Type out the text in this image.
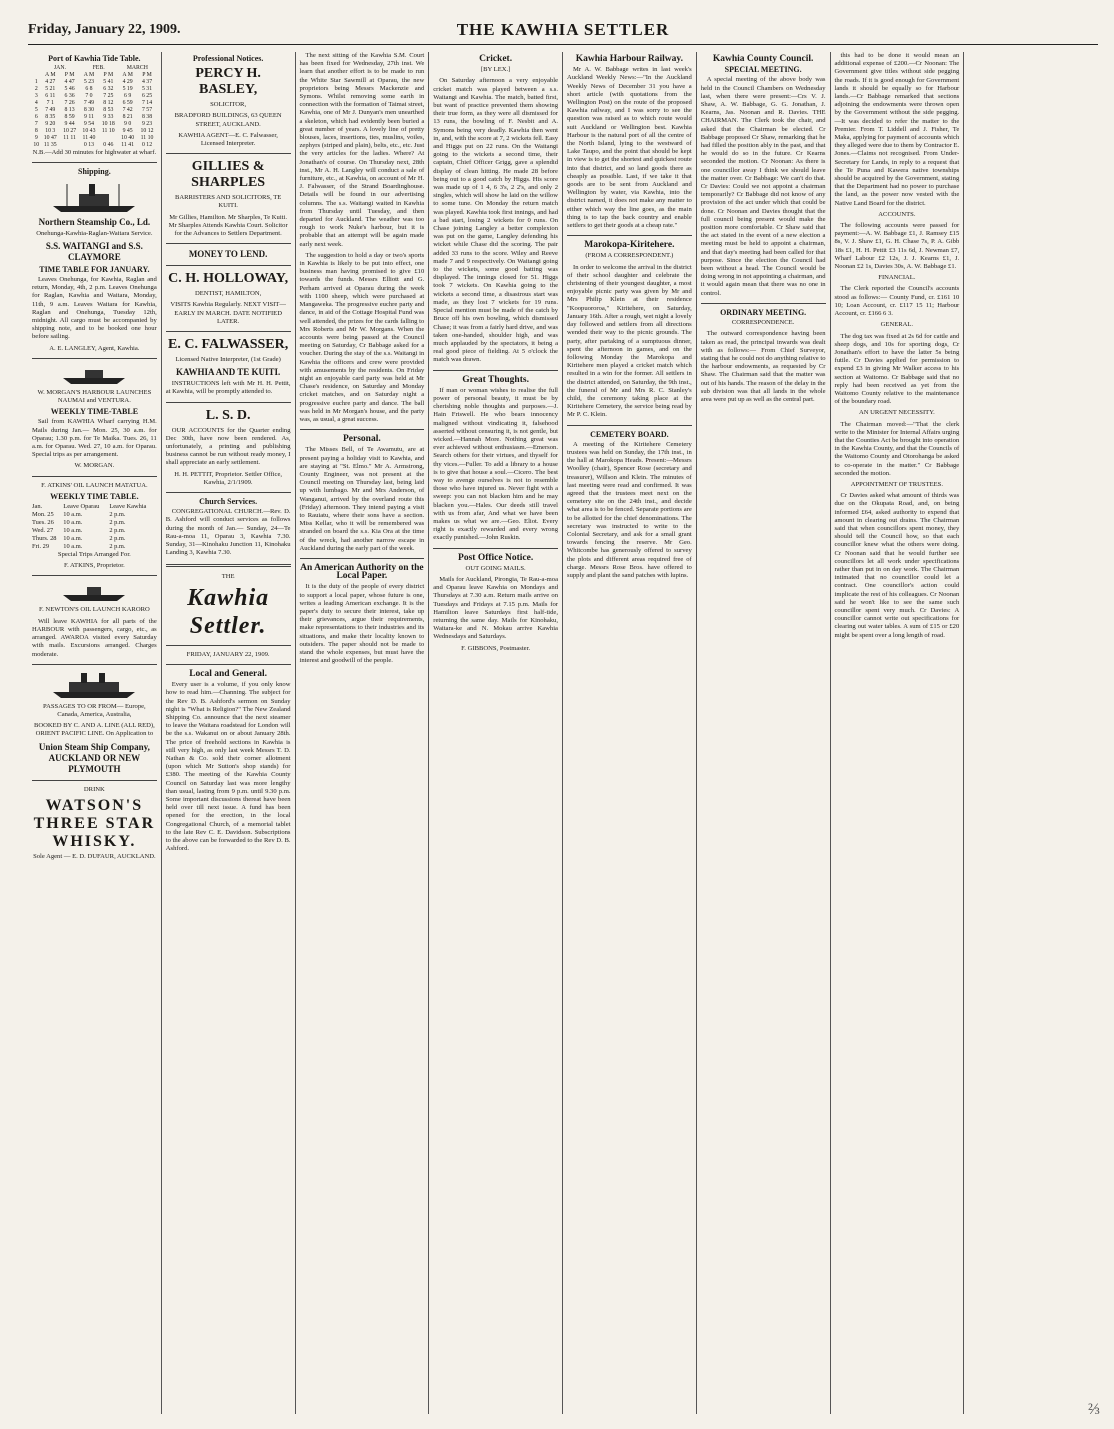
Friday, January 22, 1909.	THE KAWHIA SETTLER
Port of Kawhia Tide Table.
	JAN.		FEB.		MARCH	
	A M	P M	A M	P M	A M	P M
1	4 27	4 47	5 23	5 41	4 29	4 37
2	5 21	5 46	6 8	6 32	5 19	5 31
3	6 11	6 36	7 0	7 25	6 9	6 25
4	7 1	7 26	7 49	8 12	6 59	7 14
5	7 49	8 13	8 30	8 53	7 42	7 57
6	8 35	8 59	9 11	9 33	8 21	8 38
7	9 20	9 44	9 54	10 18	9 0	9 23
8	10 3	10 27	10 43	11 10	9 45	10 12
9	10 47	11 11	11 40		10 40	11 10
10	11 35		0 13	0 46	11 41	0 12

N.B.—Add 30 minutes for highwater at wharf.

Shipping.
Northern Steamship Co., Ld.

Onehunga-Kawhia-Raglan-Waitara Service.

S.S. WAITANGI and S.S. CLAYMORE
TIME TABLE FOR JANUARY.

Leaves Onehunga, for Kawhia, Raglan and return, Monday, 4th, 2 p.m. Leaves Onehunga for Raglan, Kawhia and Waitara, Monday, 11th, 9 a.m. Leaves Waitara for Kawhia, Raglan and Onehunga, Tuesday 12th, midnight. All cargo must be accompanied by shipping note, and to be booked one hour before sailing.

A. E. LANGLEY, Agent, Kawhia.

W. MORGAN'S HARBOUR LAUNCHES NAUMAI and VENTURA.

WEEKLY TIME-TABLE

Sail from KAWHIA Wharf carrying H.M. Mails during Jan.— Mon. 25, 30 a.m. for Oparau; 1.30 p.m. for Te Maika. Tues. 26, 11 a.m. for Oparau. Wed. 27, 10 a.m. for Oparau. Special trips as per arrangement.

W. MORGAN.

F. ATKINS' OIL LAUNCH MATATUA.

WEEKLY TIME TABLE.
Jan.	Leave Oparau	Leave Kawhia
Mon. 25	10 a.m.	2 p.m.
Tues. 26	10 a.m.	2 p.m.
Wed. 27	10 a.m.	2 p.m.
Thurs. 28	10 a.m.	2 p.m.
Fri. 29	10 a.m.	2 p.m.

Special Trips Arranged For.

F. ATKINS, Proprietor.

F. NEWTON'S OIL LAUNCH KARORO

Will leave KAWHIA for all parts of the HARBOUR with passengers, cargo, etc., as arranged. AWAROA visited every Saturday with mails. Excursions arranged. Charges moderate.

PASSAGES TO OR FROM— Europe, Canada, America, Australia,

BOOKED BY C. AND A. LINE (ALL RED), ORIENT PACIFIC LINE. On Application to

Union Steam Ship Company, AUCKLAND OR NEW PLYMOUTH

DRINK

WATSON'S THREE STAR WHISKY.

Sole Agent — E. D. DUFAUR, AUCKLAND.

Professional Notices.
PERCY H. BASLEY,

SOLICITOR,

BRADFORD BUILDINGS, 63 QUEEN STREET, AUCKLAND.

KAWHIA AGENT—E. C. Falwasser, Licensed Interpreter.

GILLIES & SHARPLES

BARRISTERS AND SOLICITORS, TE KUITI.

Mr Gillies, Hamilton. Mr Sharples, Te Kuiti. Mr Sharples Attends Kawhia Court. Solicitor for the Advances to Settlers Department.

MONEY TO LEND.
C. H. HOLLOWAY,

DENTIST, HAMILTON,

VISITS Kawhia Regularly. NEXT VISIT—EARLY IN MARCH. DATE NOTIFIED LATER.

E. C. FALWASSER,

Licensed Native Interpreter, (1st Grade)

KAWHIA AND TE KUITI.

INSTRUCTIONS left with Mr H. H. Pettit, at Kawhia, will be promptly attended to.

L. S. D.

OUR ACCOUNTS for the Quarter ending Dec 30th, have now been rendered. As, unfortunately, a printing and publishing business cannot be run without ready money, I shall appreciate an early settlement.

H. H. PETTIT, Proprietor. Settler Office, Kawhia, 2/1/1909.

Church Services.

CONGREGATIONAL CHURCH.—Rev. D. B. Ashford will conduct services as follows during the month of Jan.— Sunday, 24—Te Rau-a-moa 11, Oparau 3, Kawhia 7.30. Sunday, 31—Kinohaku Junction 11, Kinohaku Landing 3, Kawhia 7.30.

THE

Kawhia Settler.

FRIDAY, JANUARY 22, 1909.

Local and General.

Every user is a volume, if you only know how to read him.—Channing. The subject for the Rev D. B. Ashford's sermon on Sunday night is "What is Religion?" The New Zealand Shipping Co. announce that the next steamer to leave the Waitara roadstead for London will be the s.s. Wakanui on or about January 28th. The price of freehold sections in Kawhia is still very high, as only last week Messrs T. D. Nathan & Co. sold their corner allotment (upon which Mr Sutton's shop stands) for £380. The meeting of the Kawhia County Council on Saturday last was more lengthy than usual, lasting from 9 p.m. until 9.30 p.m. Some important discussions thereat have been held over till next issue. A fund has been opened for the erection, in the local Congregational Church, of a memorial tablet to the late Rev C. E. Davidson. Subscriptions to the above can be forwarded to the Rev D. B. Ashford.

The next sitting of the Kawhia S.M. Court has been fixed for Wednesday, 27th inst. We learn that another effort is to be made to run the White Star Sawmill at Oparau, the new proprietors being Messrs Mackenzie and Symons. Whilst removing some earth in connection with the formation of Taimai street, Kawhia, one of Mr J. Dunyan's men unearthed a skeleton, which had evidently been buried a great number of years. A lovely line of pretty blouses, laces, insertions, ties, muslins, voiles, zephyrs (striped and plain), belts, etc., etc. Just the very articles for the ladies. Where? At Jonathan's of course. On Thursday next, 28th inst., Mr A. H. Langley will conduct a sale of furniture, etc., at Kawhia, on account of Mr H. J. Falwasser, of the Strand Boardinghouse. Details will be found in our advertising columns. The s.s. Waitangi waited in Kawhia from Thursday until Tuesday, and then departed for Auckland. The weather was too rough to work Nuke's harbour, but it is probable that an attempt will be again made early next week.

The suggestion to hold a day or two's sports in Kawhia is likely to be put into effect, one business man having promised to give £10 towards the funds. Messrs Elliott and G. Perham arrived at Oparau during the week with 1100 sheep, which were purchased at Mangaweka. The progressive euchre party and dance, in aid of the Cottage Hospital Fund was well attended, the prizes for the cards falling to Mrs Roberts and Mr W. Morgans. When the accounts were being passed at the Council meeting on Saturday, Cr Babbage asked for a voucher. During the stay of the s.s. Waitangi in Kawhia the officers and crew were provided with amusements by the residents. On Friday night an enjoyable card party was held at Mr Chase's residence, on Saturday and Monday cricket matches, and on Saturday night a progressive euchre party and dance. The ball was held in Mr Morgan's house, and the party was, as usual, a great success.

Personal.

The Misses Bell, of Te Awamutu, are at present paying a holiday visit to Kawhia, and are staying at "St. Elmo." Mr A. Armstrong, County Engineer, was not present at the Council meeting on Thursday last, being laid up with lumbago. Mr and Mrs Anderson, of Wanganui, arrived by the overland route this (Friday) afternoon. They intend paying a visit to Rauiatu, where their sons have a section. Miss Kellar, who it will be remembered was stranded on board the s.s. Kia Ora at the time of the wreck, had another narrow escape in Auckland during the early part of the week.

An American Authority on the Local Paper.

It is the duty of the people of every district to support a local paper, whose future is one, writes a leading American exchange. It is the paper's duty to secure their interest, take up their grievances, argue their requirements, make representations to their industries and its situations, and make their locality known to outsiders. The paper should not be made to stand the whole expenses, but must have the interest and goodwill of the people.

Cricket.

[BY LEX.]

On Saturday afternoon a very enjoyable cricket match was played between a s.s. Waitangi and Kawhia. The match, batted first, but want of practice prevented them showing their true form, as they were all dismissed for 13 runs, the bowling of F. Nesbit and A. Symons being very deadly. Kawhia then went in, and, with the score at 7, 2 wickets fell. Easy and Higgs put on 22 runs. On the Waitangi going to the wickets a second time, their captain, Chief Officer Grigg, gave a splendid display of clean hitting. He made 28 before being out to a good catch by Higgs. His score was made up of 1 4, 6 3's, 2 2's, and only 2 singles, which will show he laid on the willow to some tune. On Monday the return match was played. Kawhia took first innings, and had a bad start, losing 2 wickets for 0 runs. On Chase joining Langley a better complexion was put on the game, Langley defending his wicket while Chase did the scoring. The pair added 33 runs to the score. Wiley and Reeve made 7 and 9 respectively. On Waitangi going to the wickets, some good batting was displayed. The innings closed for 51. Higgs took 7 wickets. On Kawhia going to the wickets a second time, a disastrous start was made, as they lost 7 wickets for 19 runs. Special mention must be made of the catch by Bruce off his own bowling, which dismissed Chase; it was from a fairly hard drive, and was taken one-handed, shoulder high, and was much applauded by the spectators, it being a real good piece of fielding. At 5 o'clock the match was drawn.

Great Thoughts.

If man or woman wishes to realise the full power of personal beauty, it must be by cherishing noble thoughts and purposes.—J. Hain Friswell. He who bears innocency maligned without vindicating it, falsehood asserted without censuring it, is not gentle, but wicked.—Hannah More. Nothing great was ever achieved without enthusiasm.—Emerson. Search others for their virtues, and thyself for thy vices.—Fuller. To add a library to a house is to give that house a soul.—Cicero. The best way to avenge ourselves is not to resemble those who have injured us. Never fight with a sweep: you can not blacken him and he may blacken you.—Hales. Our deeds still travel with us from afar, And what we have been makes us what we are.—Geo. Eliot. Every right is exactly rewarded and every wrong exactly punished.—John Ruskin.

Post Office Notice.

OUT GOING MAILS.

Mails for Auckland, Pirongia, Te Rau-a-moa and Oparau leave Kawhia on Mondays and Thursdays at 7.30 a.m. Return mails arrive on Tuesdays and Fridays at 7.15 p.m. Mails for Hamilton leave Saturdays first half-tide, returning the same day. Mails for Kinohaku, Waitara-ke and N. Mokau arrive Kawhia Wednesdays and Saturdays.

F. GIBBONS, Postmaster.

Kawhia Harbour Railway.

Mr A. W. Babbage writes in last week's Auckland Weekly News:—"In the Auckland Weekly News of December 31 you have a short article (with quotations from the Wellington Post) on the route of the proposed Kawhia railway, and I was sorry to see the question was raised as to which route would suit Auckland or Wellington best. Kawhia Harbour is the natural port of all the centre of the North Island, lying to the westward of Lake Taupo, and the point that should be kept in view is to get the shortest and quickest route into that district, and so land goods there as cheaply as possible. Last, if we take it that goods are to be sent from Auckland and Wellington by water, via Kawhia, into the district named, it does not make any matter to either which way the line goes, as the main thing is to tap the back country and enable settlers to get their goods at a cheap rate."

Marokopa-Kiritehere.

(FROM A CORRESPONDENT.)

In order to welcome the arrival in the district of their school daughter and celebrate the christening of their youngest daughter, a most enjoyable picnic party was given by Mr and Mrs Philip Klein at their residence "Koopuororoa," Kiritehere, on Saturday, January 16th. After a rough, wet night a lovely day followed and settlers from all directions wended their way to the picnic grounds. The party, after partaking of a sumptuous dinner, spent the afternoon in games, and on the following Monday the Marokopa and Kiritehere men played a cricket match which resulted in a win for the former. All settlers in the district attended, on Saturday, the 9th inst., the funeral of Mr and Mrs R. C. Stanley's child, the ceremony taking place at the Kiritehere Cemetery, the service being read by Mr P. C. Klein.

CEMETERY BOARD.

A meeting of the Kiritehere Cemetery trustees was held on Sunday, the 17th inst., in the hall at Marokopa Heads. Present:—Messrs Woolley (chair), Spencer Rose (secretary and treasurer), Willson and Klein. The minutes of last meeting were read and confirmed. It was agreed that the trustees meet next on the cemetery site on the 24th inst., and decide what area is to be fenced. Separate portions are to be allotted for the chief denominations. The secretary was instructed to write to the Colonial Secretary, and ask for a small grant towards fencing the reserve. Mr Geo. Whitcombe has generously offered to survey the plots and different areas required free of charge. Messrs Rose Bros. have offered to supply and plant the sand patches with lupins.

Kawhia County Council.
SPECIAL MEETING.

A special meeting of the above body was held in the Council Chambers on Wednesday last, when there were present:—Crs V. J. Shaw, A. W. Babbage, G. G. Jonathan, J. Kearns, Jas. Noonan and R. Davies. THE CHAIRMAN. The Clerk took the chair, and asked that the Chairman be elected. Cr Babbage proposed Cr Shaw, remarking that he had filled the position ably in the past, and that he would do so in the future. Cr Kearns seconded the motion. Cr Noonan: As there is one councillor away I think we should leave the matter over. Cr Babbage: We can't do that. Cr Davies: Could we not appoint a chairman temporarily? Cr Babbage did not know of any provision of the act under which that could be done. Cr Noonan and Davies thought that the full council being present would make the position more comfortable. Cr Shaw said that the act stated in the event of a new election a meeting must be held to appoint a chairman, and that day's meeting had been called for that purpose. Since the election the Council had been without a head. The Council would be doing wrong in not appointing a chairman, and it would again mean that there was no one in control.

ORDINARY MEETING.

CORRESPONDENCE.

The outward correspondence having been taken as read, the principal inwards was dealt with as follows:— From Chief Surveyor, stating that he could not do anything relative to the harbour endowments, as requested by Cr Shaw. The Chairman said that the matter was out of his hands. The reason of the delay in the sub division was that all lands in the whole area were put up as well as the central part.

this had to be done it would mean an additional expense of £200.—Cr Noonan: The Government give titles without side pegging the roads. If it is good enough for Government lands it should be equally so for Harbour lands.—Cr Babbage remarked that sections adjoining the endowments were thrown open by the Government without the side pegging.—It was decided to refer the matter to the Premier. From T. Liddell and J. Fisher, Te Maka, applying for payment of accounts which they alleged were due to them by Contractor E. Jones.—Claims not recognised. From Under-Secretary for Lands, in reply to a request that the Te Puna and Kawera native townships should be acquired by the Government, stating that the Department had no power to purchase the land, as the power now vested with the Native Land Board for the district.

ACCOUNTS.

The following accounts were passed for payment:—A. W. Babbage £1, J. Ramsey £15 8s, V. J. Shaw £1, G. H. Chase 7s, P. A. Gibb 18s £1, H. H. Pettit £3 11s 6d, J. Newman £7, Wharf Labour £2 12s, J. J. Kearns £1, J. Noonan £2 1s, Davies 30s, A. W. Babbage £1.

FINANCIAL.

The Clerk reported the Council's accounts stood as follows:— County Fund, cr. £161 10 10; Loan Account, cr. £117 15 11; Harbour Account, cr. £166 6 3.

GENERAL.

The dog tax was fixed at 2s 6d for cattle and sheep dogs, and 10s for sporting dogs, Cr Jonathan's effort to have the latter 5s being futile. Cr Davies applied for permission to expend £3 in giving Mr Walker access to his section at Waitomo. Cr Babbage said that no reply had been received as yet from the Waitomo County relative to the maintenance of the boundary road.

AN URGENT NECESSITY.

The Chairman moved:—"That the clerk write to the Minister for Internal Affairs urging that the Counties Act be brought into operation in the Kawhia County, and that the Councils of the Waitomo County and Otorohanga be asked to co-operate in the matter." Cr Babbage seconded the motion.

APPOINTMENT OF TRUSTEES.

Cr Davies asked what amount of thirds was due on the Okupata Road, and, on being informed £64, asked authority to expend that amount in clearing out drains. The Chairman said that when councillors spent money, they should tell the Council how, so that each councillor knew what the others were doing. Cr Noonan said that he would further see councillors let all work under specifications rather than put in on day work. The Chairman intimated that no councillor could let a contract. One councillor's action could implicate the rest of his colleagues. Cr Noonan said he won't like to see the same such councillor spent very much. Cr Davies: A councillor cannot write out specifications for clearing out water tables. A sum of £15 or £20 might be spent over a long length of road.

⅔
